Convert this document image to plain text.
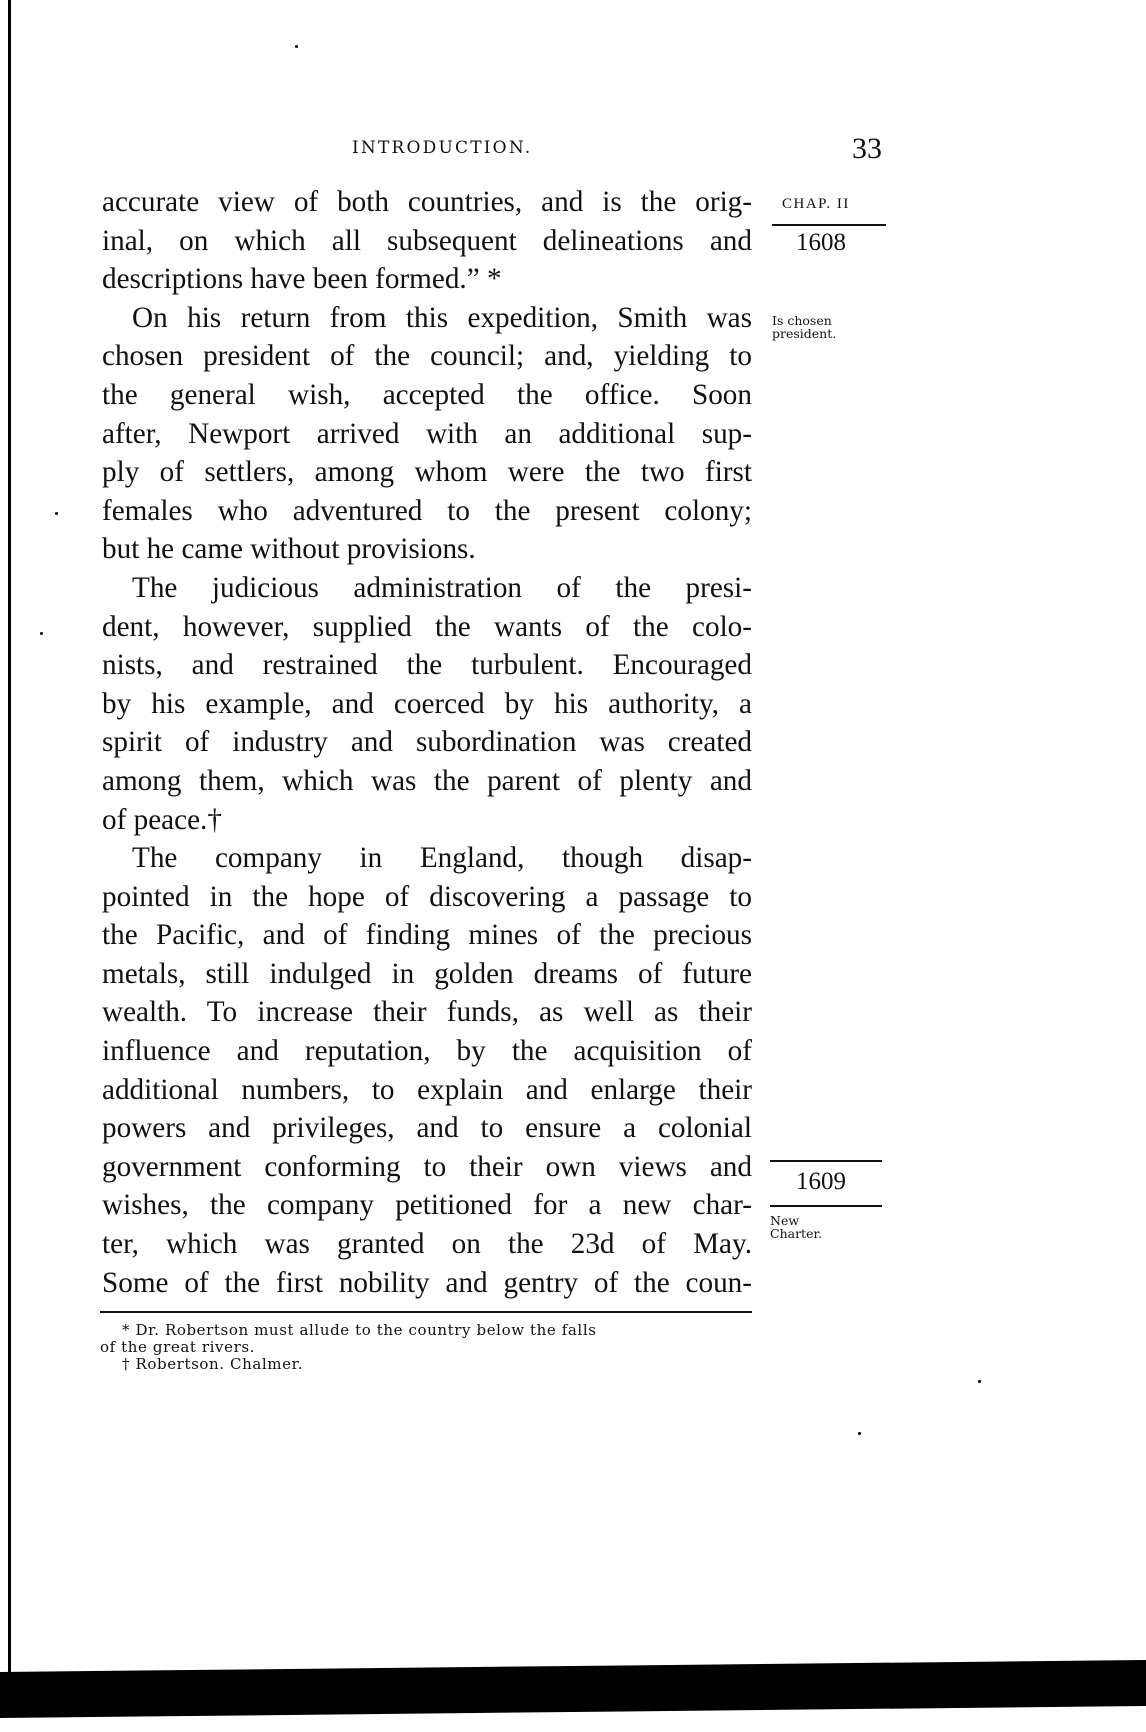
INTRODUCTION.	33
accurate view of both countries, and is the orig-
inal, on which all subsequent delineations and
descriptions have been formed.” *
On his return from this expedition, Smith was
chosen president of the council; and, yielding to
the general wish, accepted the office. Soon
after, Newport arrived with an additional sup-
ply of settlers, among whom were the two first
females who adventured to the present colony;
but he came without provisions.
The judicious administration of the presi-
dent, however, supplied the wants of the colo-
nists, and restrained the turbulent. Encouraged
by his example, and coerced by his authority, a
spirit of industry and subordination was created
among them, which was the parent of plenty and
of peace.†
The company in England, though disap-
pointed in the hope of discovering a passage to
the Pacific, and of finding mines of the precious
metals, still indulged in golden dreams of future
wealth. To increase their funds, as well as their
influence and reputation, by the acquisition of
additional numbers, to explain and enlarge their
powers and privileges, and to ensure a colonial
government conforming to their own views and
wishes, the company petitioned for a new char-
ter, which was granted on the 23d of May.
Some of the first nobility and gentry of the coun-
CHAP. II
1608
Is chosen
president.
1609
New
Charter.
* Dr. Robertson must allude to the country below the falls
of the great rivers.
† Robertson. Chalmer.
